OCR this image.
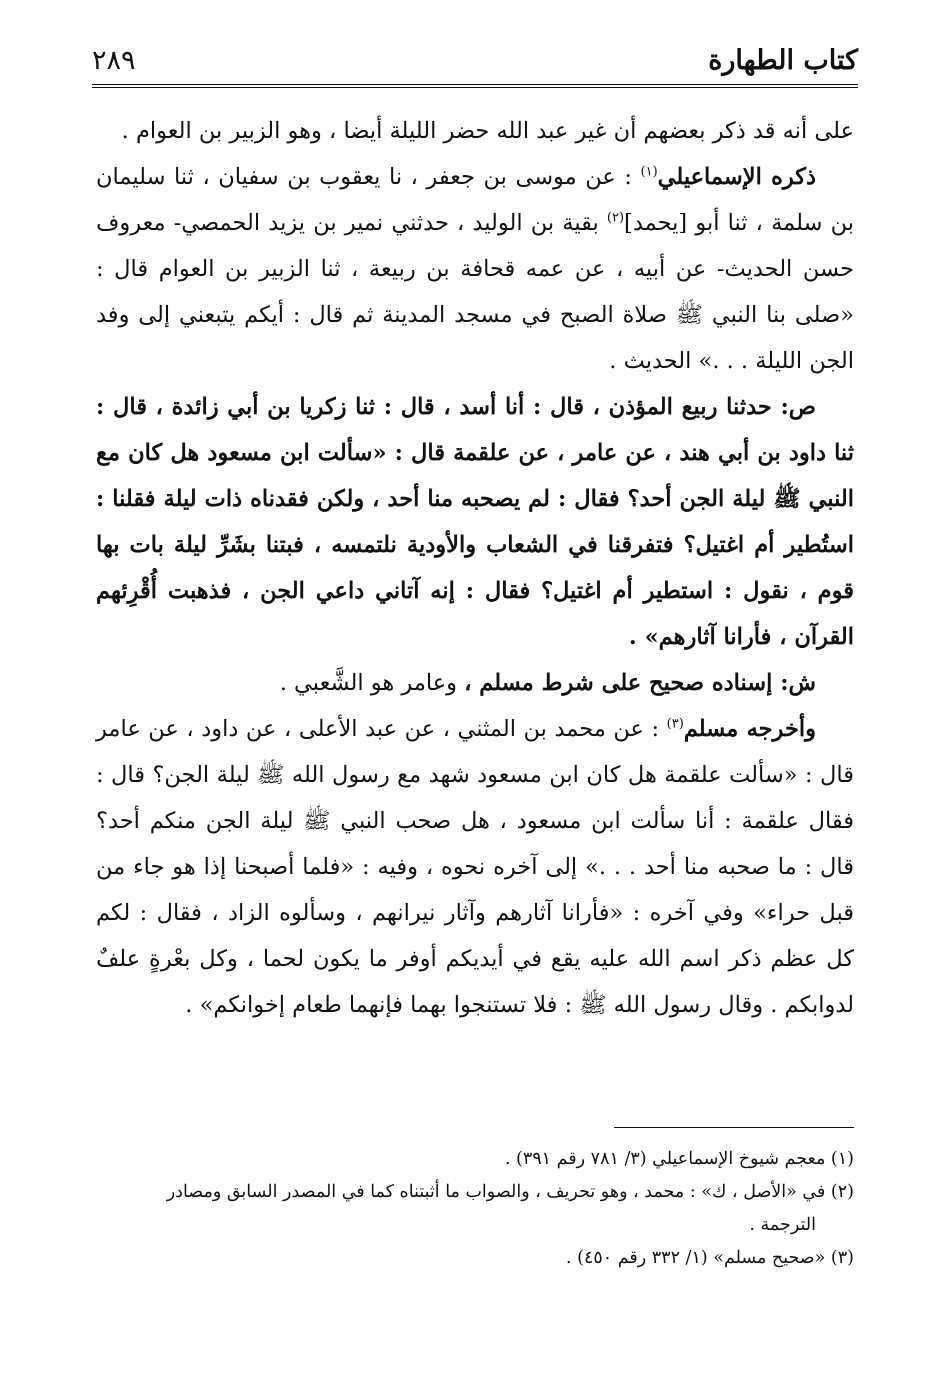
كتاب الطهارة
٢٨٩

على أنه قد ذكر بعضهم أن غير عبد الله حضر الليلة أيضا ، وهو الزبير بن العوام .

ذكره الإسماعيلي$^{(١)}$ : عن موسى بن جعفر ، نا يعقوب بن سفيان ، ثنا سليمان بن سلمة ، ثنا أبو [يحمد]$^{(٢)}$ بقية بن الوليد ، حدثني نمير بن يزيد الحمصي- معروف حسن الحديث- عن أبيه ، عن عمه قحافة بن ربيعة ، ثنا الزبير بن العوام قال : «صلى بنا النبي ﷺ صلاة الصبح في مسجد المدينة ثم قال : أيكم يتبعني إلى وفد الجن الليلة . . .» الحديث .

ص: حدثنا ربيع المؤذن ، قال : أنا أسد ، قال : ثنا زكريا بن أبي زائدة ، قال : ثنا داود بن أبي هند ، عن عامر ، عن علقمة قال : «سألت ابن مسعود هل كان مع النبي ﷺ ليلة الجن أحد؟ فقال : لم يصحبه منا أحد ، ولكن فقدناه ذات ليلة فقلنا : استُطير أم اغتيل؟ فتفرقنا في الشعاب والأودية نلتمسه ، فبتنا بشَرِّ ليلة بات بها قوم ، نقول : استطير أم اغتيل؟ فقال : إنه آتاني داعي الجن ، فذهبت أُقْرِئهم القرآن ، فأرانا آثارهم» .

ش: إسناده صحيح على شرط مسلم ، وعامر هو الشَّعبي .

وأخرجه مسلم$^{(٣)}$ : عن محمد بن المثني ، عن عبد الأعلى ، عن داود ، عن عامر قال : «سألت علقمة هل كان ابن مسعود شهد مع رسول الله ﷺ ليلة الجن؟ قال : فقال علقمة : أنا سألت ابن مسعود ، هل صحب النبي ﷺ ليلة الجن منكم أحد؟ قال : ما صحبه منا أحد . . .» إلى آخره نحوه ، وفيه : «فلما أصبحنا إذا هو جاء من قبل حراء» وفي آخره : «فأرانا آثارهم وآثار نيرانهم ، وسألوه الزاد ، فقال : لكم كل عظم ذكر اسم الله عليه يقع في أيديكم أوفر ما يكون لحما ، وكل بعْرةٍ علفٌ لدوابكم . وقال رسول الله ﷺ : فلا تستنجوا بهما فإنهما طعام إخوانكم» .

(١) معجم شيوخ الإسماعيلي (٣/ ٧٨١ رقم ٣٩١) .

(٢) في «الأصل ، ك» : محمد ، وهو تحريف ، والصواب ما أثبتناه كما في المصدر السابق ومصادر

الترجمة .

(٣) «صحيح مسلم» (١/ ٣٣٢ رقم ٤٥٠) .
